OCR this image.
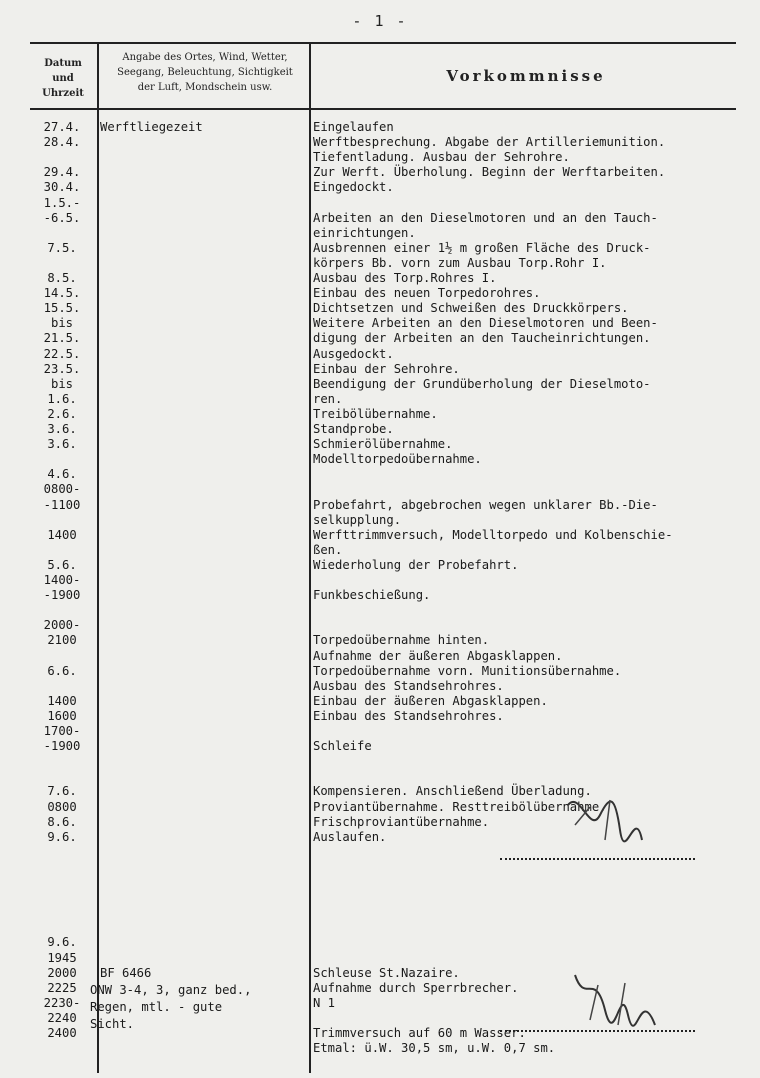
- 1 -
Datum
und
Uhrzeit
Angabe des Ortes, Wind, Wetter,
Seegang, Beleuchtung, Sichtigkeit
der Luft, Mondschein usw.
Vorkommnisse
27.4.
28.4.
29.4.
30.4.
1.5.-
-6.5.
7.5.
8.5.
14.5.
15.5.
bis
21.5.
22.5.
23.5.
bis
1.6.
2.6.
3.6.
3.6.
4.6.
0800-
-1100
1400
5.6.
1400-
-1900
2000-
2100
6.6.
1400
1600
1700-
-1900
7.6.
0800
8.6.
9.6.
9.6.
1945
2000
2225
2230-
2240
2400
Eingelaufen
Werftbesprechung. Abgabe der Artilleriemunition.
Tiefentladung. Ausbau der Sehrohre.
Zur Werft. Überholung. Beginn der Werftarbeiten.
Eingedockt.
Arbeiten an den Dieselmotoren und an den Tauch-
einrichtungen.
Ausbrennen einer 1½ m großen Fläche des Druck-
körpers Bb. vorn zum Ausbau Torp.Rohr I.
Ausbau des Torp.Rohres I.
Einbau des neuen Torpedorohres.
Dichtsetzen und Schweißen des Druckkörpers.
Weitere Arbeiten an den Dieselmotoren und Been-
digung der Arbeiten an den Taucheinrichtungen.
Ausgedockt.
Einbau der Sehrohre.
Beendigung der Grundüberholung der Dieselmoto-
ren.
Treibölübernahme.
Standprobe.
Schmierölübernahme.
Modelltorpedoübernahme.
Probefahrt, abgebrochen wegen unklarer Bb.-Die-
selkupplung.
Werfttrimmversuch, Modelltorpedo und Kolbenschie-
ßen.
Wiederholung der Probefahrt.
Funkbeschießung.
Torpedoübernahme hinten.
Aufnahme der äußeren Abgasklappen.
Torpedoübernahme vorn. Munitionsübernahme.
Ausbau des Standsehrohres.
Einbau der äußeren Abgasklappen.
Einbau des Standsehrohres.
Schleife
Kompensieren. Anschließend Überladung.
Proviantübernahme. Resttreibölübernahme.
Frischproviantübernahme.
Auslaufen.
Schleuse St.Nazaire.
Aufnahme durch Sperrbrecher.
N 1
Trimmversuch auf 60 m Wasser.
Etmal: ü.W. 30,5 sm, u.W. 0,7 sm.
Werftliegezeit
BF 6466
ONW 3-4, 3, ganz bed.,
Regen, mtl. - gute
Sicht.
